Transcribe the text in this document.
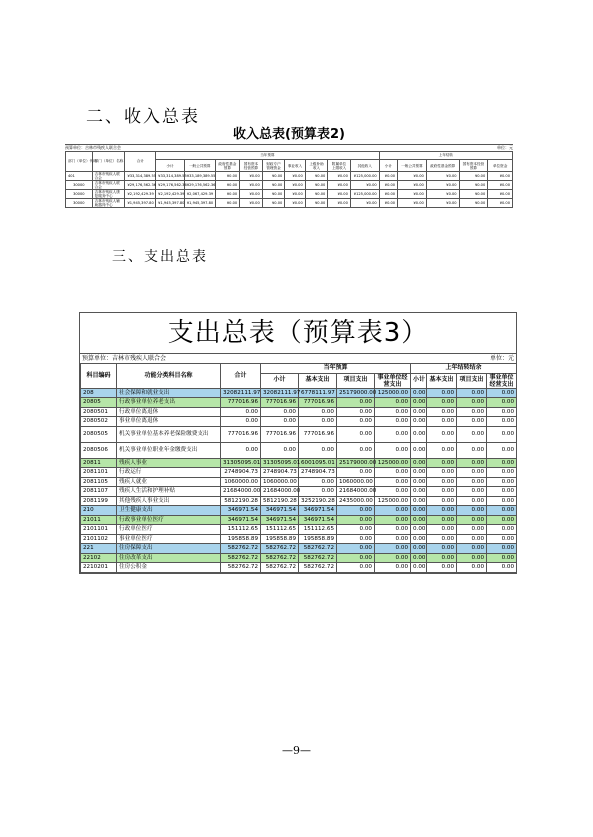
二、收入总表
收入总表(预算表2)
预算单位：吉林市残疾人联合会	单位：元
部门（单位）代码	部门（单位）名称	合计	当年预算									上年结转				
			小计	一般公共预算	政府性基金预算	国有资本经营预算	财政专户管理资金	事业收入	上级补助收入	附属单位上缴收入	其他收入	小计	一般公共预算	政府性基金预算	国有资本经营预算	单位资金
401	吉林市残疾人联合会	¥33,314,389.55	¥33,314,389.55	¥33,189,389.55	¥0.00	¥0.00	¥0.00	¥0.00	¥0.00	¥0.00	¥125,000.00	¥0.00	¥0.00	¥0.00	¥0.00	¥0.00
30000	吉林市残疾人联合会	¥29,176,562.36	¥29,176,562.36	¥29,176,562.36	¥0.00	¥0.00	¥0.00	¥0.00	¥0.00	¥0.00	¥0.00	¥0.00	¥0.00	¥0.00	¥0.00	¥0.00
30000	吉林市残疾人康复服务中心	¥2,192,429.39	¥2,192,429.39	¥2,067,429.39	¥0.00	¥0.00	¥0.00	¥0.00	¥0.00	¥0.00	¥125,000.00	¥0.00	¥0.00	¥0.00	¥0.00	¥0.00
30000	吉林市残疾人辅助器具中心	¥1,945,397.80	¥1,945,397.80	¥1,945,397.80	¥0.00	¥0.00	¥0.00	¥0.00	¥0.00	¥0.00	¥0.00	¥0.00	¥0.00	¥0.00	¥0.00	¥0.00
三、支出总表
支出总表（预算表3）
预算单位：吉林市残疾人联合会	单位：元
科目编码	功能分类科目名称	合计	当年预算				上年结转结余			
			小计	基本支出	项目支出	事业单位经营支出	小计	基本支出	项目支出	事业单位经营支出
208	社会保障和就业支出	32082111.97	32082111.97	6778111.97	25179000.00	125000.00	0.00	0.00	0.00	0.00
20805	行政事业单位养老支出	777016.96	777016.96	777016.96	0.00	0.00	0.00	0.00	0.00	0.00
2080501	行政单位离退休	0.00	0.00	0.00	0.00	0.00	0.00	0.00	0.00	0.00
2080502	事业单位离退休	0.00	0.00	0.00	0.00	0.00	0.00	0.00	0.00	0.00
2080505	机关事业单位基本养老保险缴费支出	777016.96	777016.96	777016.96	0.00	0.00	0.00	0.00	0.00	0.00
2080506	机关事业单位职业年金缴费支出	0.00	0.00	0.00	0.00	0.00	0.00	0.00	0.00	0.00
20811	残疾人事业	31305095.01	31305095.01	6001095.01	25179000.00	125000.00	0.00	0.00	0.00	0.00
2081101	行政运行	2748904.73	2748904.73	2748904.73	0.00	0.00	0.00	0.00	0.00	0.00
2081105	残疾人就业	1060000.00	1060000.00	0.00	1060000.00	0.00	0.00	0.00	0.00	0.00
2081107	残疾人生活和护理补贴	21684000.00	21684000.00	0.00	21684000.00	0.00	0.00	0.00	0.00	0.00
2081199	其他残疾人事业支出	5812190.28	5812190.28	3252190.28	2435000.00	125000.00	0.00	0.00	0.00	0.00
210	卫生健康支出	346971.54	346971.54	346971.54	0.00	0.00	0.00	0.00	0.00	0.00
21011	行政事业单位医疗	346971.54	346971.54	346971.54	0.00	0.00	0.00	0.00	0.00	0.00
2101101	行政单位医疗	151112.65	151112.65	151112.65	0.00	0.00	0.00	0.00	0.00	0.00
2101102	事业单位医疗	195858.89	195858.89	195858.89	0.00	0.00	0.00	0.00	0.00	0.00
221	住房保障支出	582762.72	582762.72	582762.72	0.00	0.00	0.00	0.00	0.00	0.00
22102	住房改革支出	582762.72	582762.72	582762.72	0.00	0.00	0.00	0.00	0.00	0.00
2210201	住房公积金	582762.72	582762.72	582762.72	0.00	0.00	0.00	0.00	0.00	0.00
—9—
